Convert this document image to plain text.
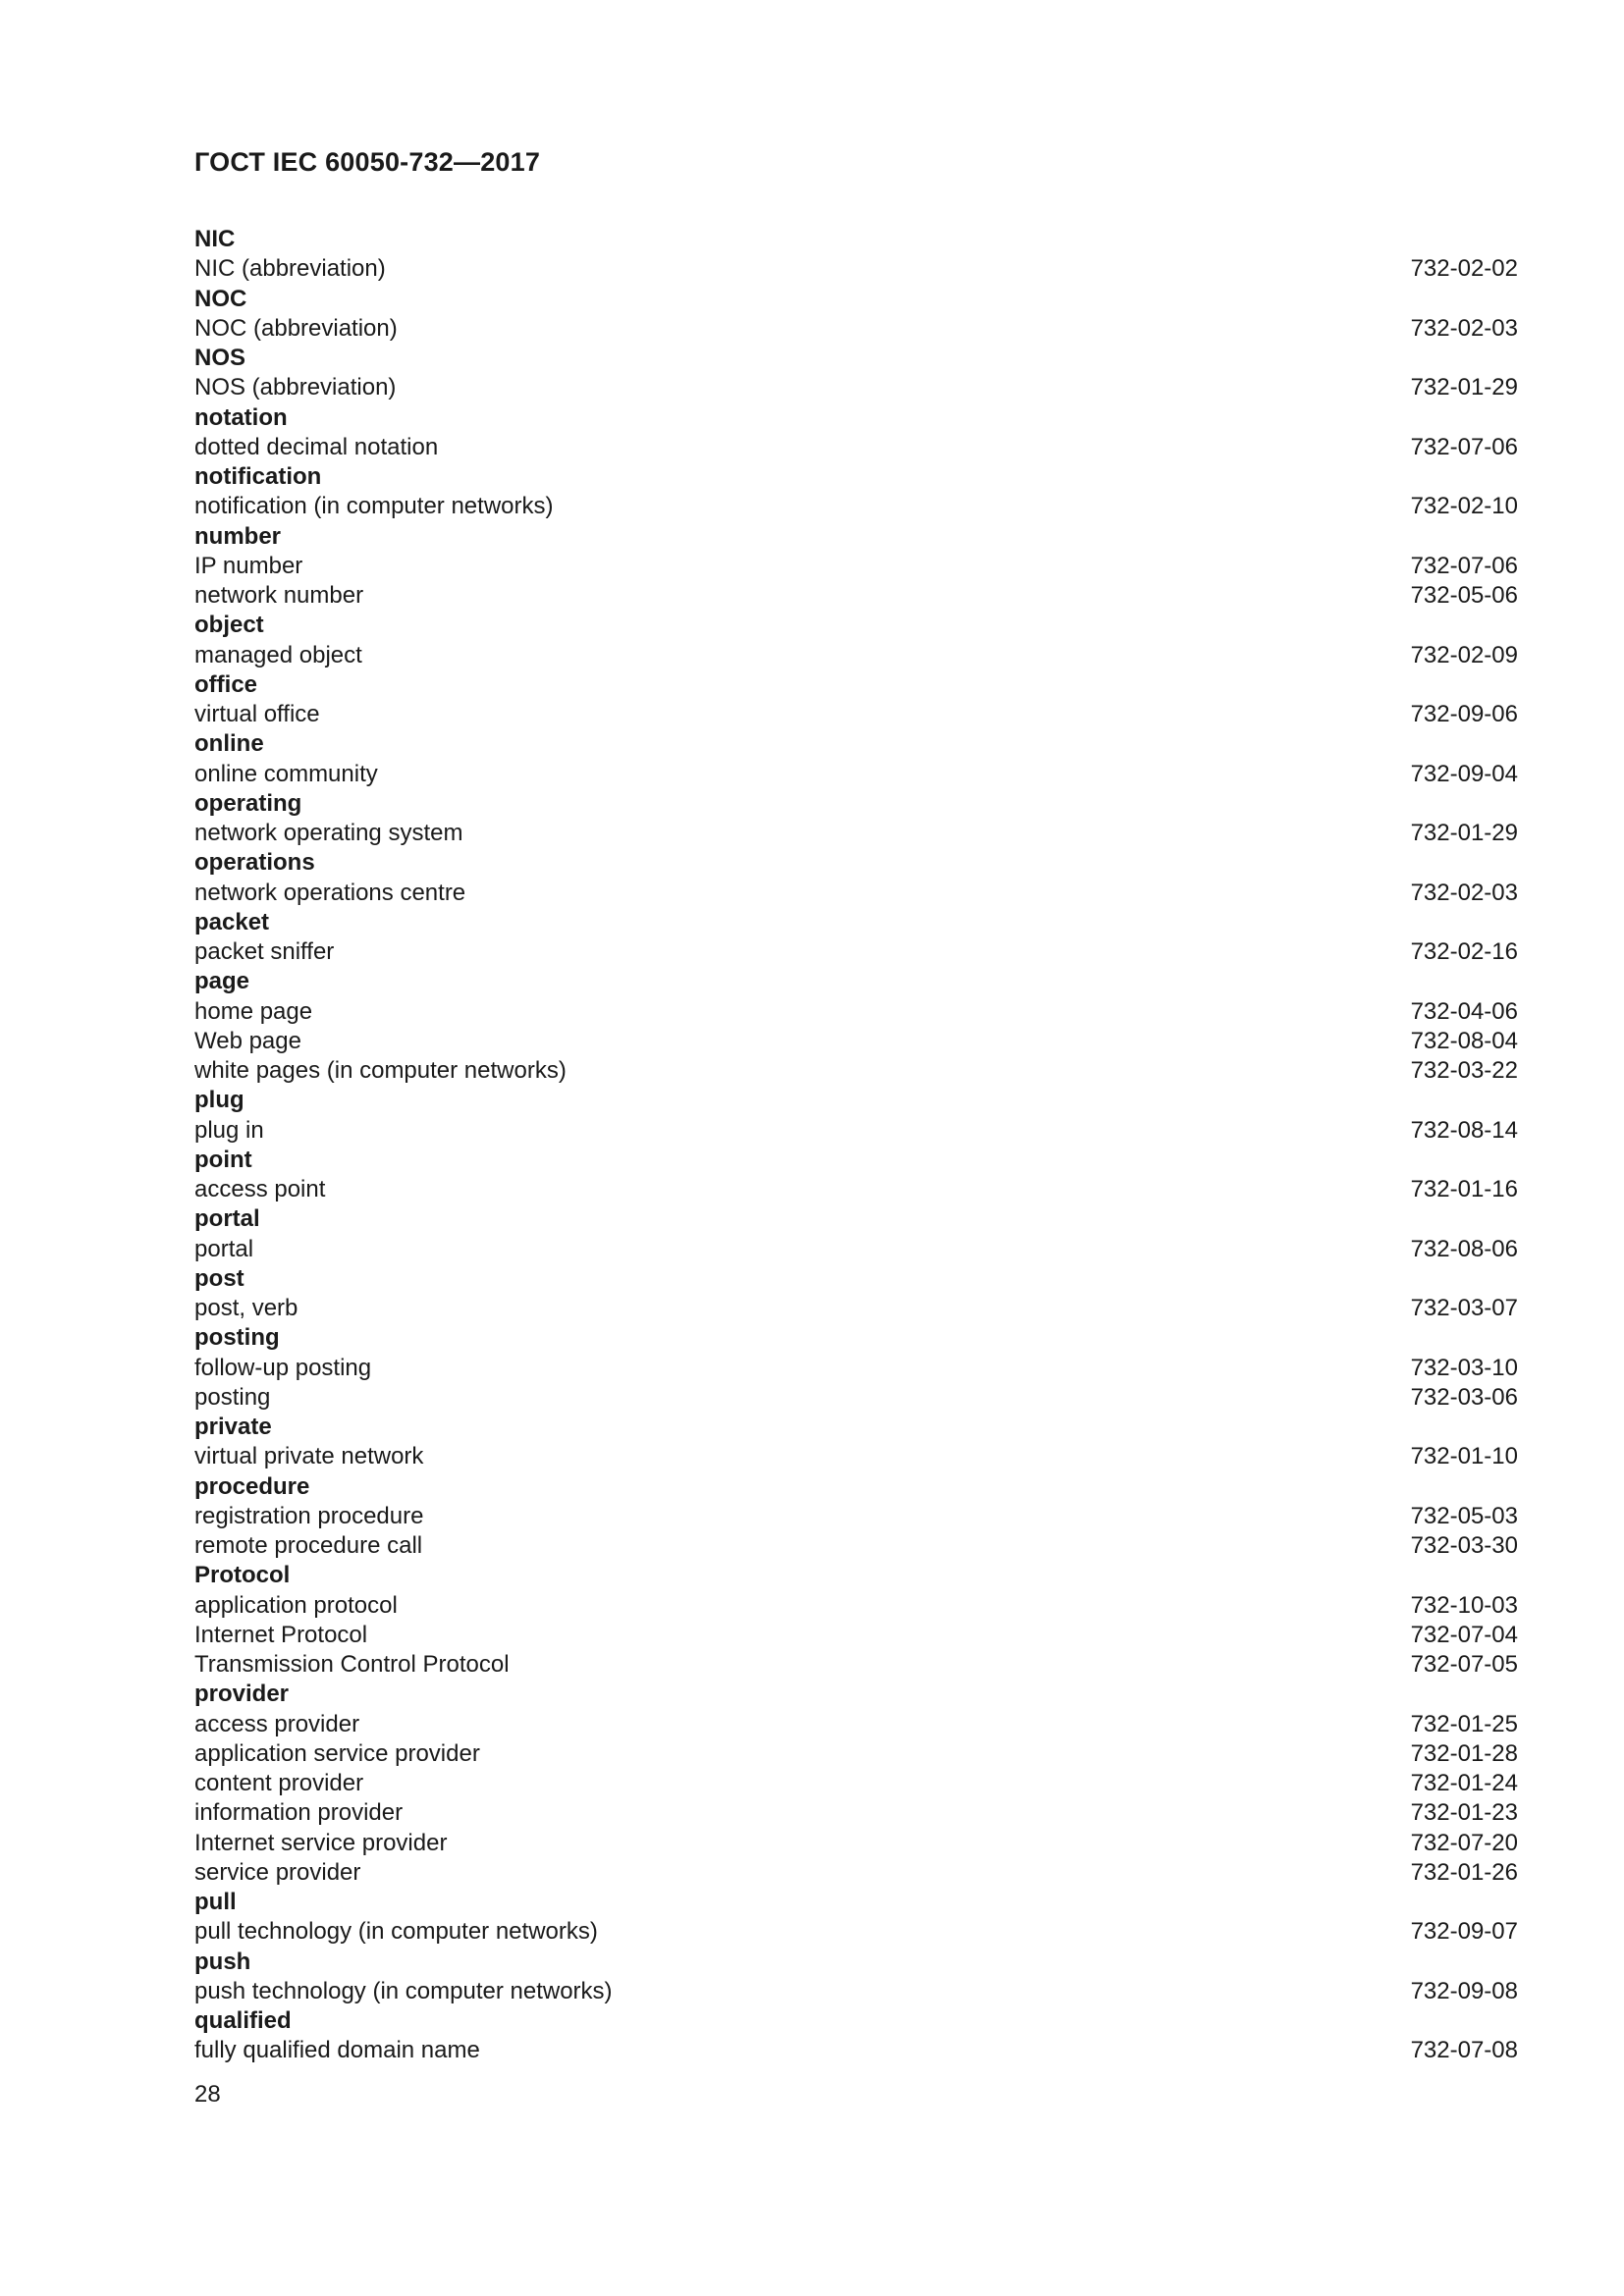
ГОСТ IEC 60050-732—2017
NIC
NIC (abbreviation)	732-02-02
NOC
NOC (abbreviation)	732-02-03
NOS
NOS (abbreviation)	732-01-29
notation
dotted decimal notation	732-07-06
notification
notification (in computer networks)	732-02-10
number
IP number	732-07-06
network number	732-05-06
object
managed object	732-02-09
office
virtual office	732-09-06
online
online community	732-09-04
operating
network operating system	732-01-29
operations
network operations centre	732-02-03
packet
packet sniffer	732-02-16
page
home page	732-04-06
Web page	732-08-04
white pages (in computer networks)	732-03-22
plug
plug in	732-08-14
point
access point	732-01-16
portal
portal	732-08-06
post
post, verb	732-03-07
posting
follow-up posting	732-03-10
posting	732-03-06
private
virtual private network	732-01-10
procedure
registration procedure	732-05-03
remote procedure call	732-03-30
Protocol
application protocol	732-10-03
Internet Protocol	732-07-04
Transmission Control Protocol	732-07-05
provider
access provider	732-01-25
application service provider	732-01-28
content provider	732-01-24
information provider	732-01-23
Internet service provider	732-07-20
service provider	732-01-26
pull
pull technology (in computer networks)	732-09-07
push
push technology (in computer networks)	732-09-08
qualified
fully qualified domain name	732-07-08
28
